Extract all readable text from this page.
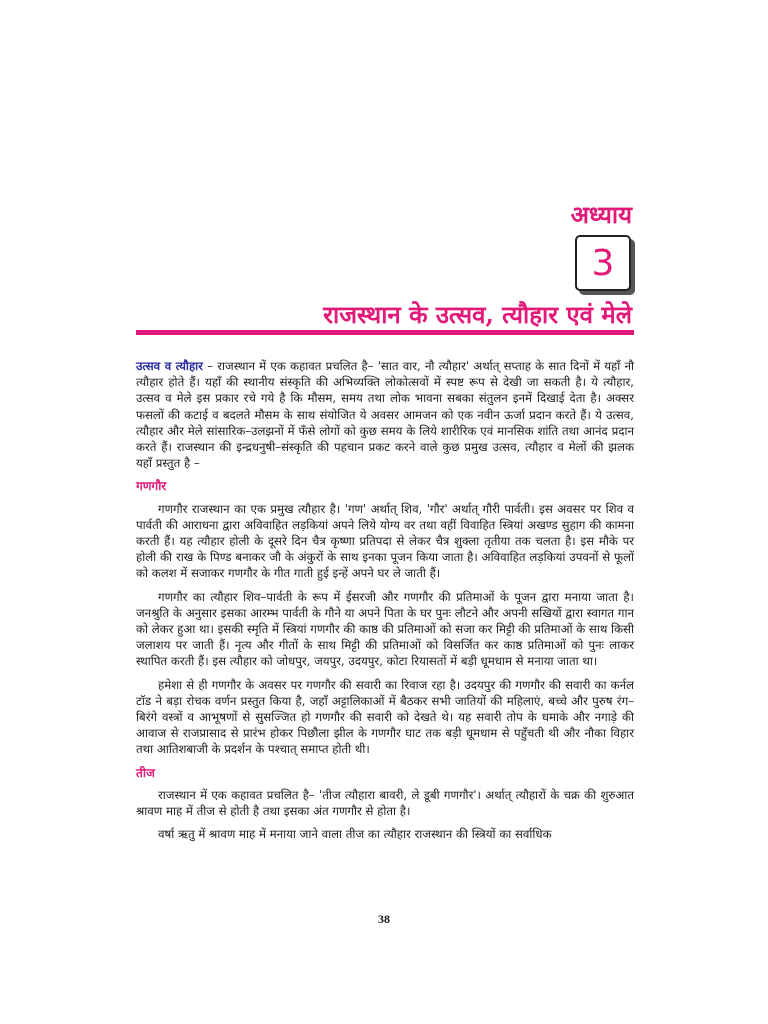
अध्याय
3
राजस्थान के उत्सव, त्यौहार एवं मेले

उत्सव व त्यौहार – राजस्थान में एक कहावत प्रचलित है– 'सात वार, नौ त्यौहार' अर्थात् सप्ताह के सात दिनों में यहाँ नौ त्यौहार होते हैं। यहाँ की स्थानीय संस्कृति की अभिव्यक्ति लोकोत्सवों में स्पष्ट रूप से देखी जा सकती है। ये त्यौहार, उत्सव व मेले इस प्रकार रचे गये है कि मौसम, समय तथा लोक भावना सबका संतुलन इनमें दिखाई देता है। अक्सर फसलों की कटाई व बदलते मौसम के साथ संयोजित ये अवसर आमजन को एक नवीन ऊर्जा प्रदान करते हैं। ये उत्सव, त्यौहार और मेले सांसारिक–उलझनों में फँसे लोगों को कुछ समय के लिये शारीरिक एवं मानसिक शांति तथा आनंद प्रदान करते हैं। राजस्थान की इन्द्रधनुषी–संस्कृति की पहचान प्रकट करने वाले कुछ प्रमुख उत्सव, त्यौहार व मेलों की झलक यहाँ प्रस्तुत है –

गणगौर

गणगौर राजस्थान का एक प्रमुख त्यौहार है। 'गण' अर्थात् शिव, 'गौर' अर्थात् गौरी पार्वती। इस अवसर पर शिव व पार्वती की आराधना द्वारा अविवाहित लड़कियां अपने लिये योग्य वर तथा वहीं विवाहित स्त्रियां अखण्ड सुहाग की कामना करती हैं। यह त्यौहार होली के दूसरे दिन चैत्र कृष्णा प्रतिपदा से लेकर चैत्र शुक्ला तृतीया तक चलता है। इस मौके पर होली की राख के पिण्ड बनाकर जौ के अंकुरों के साथ इनका पूजन किया जाता है। अविवाहित लड़कियां उपवनों से फूलों को कलश में सजाकर गणगौर के गीत गाती हुई इन्हें अपने घर ले जाती हैं।

गणगौर का त्यौहार शिव–पार्वती के रूप में ईसरजी और गणगौर की प्रतिमाओं के पूजन द्वारा मनाया जाता है। जनश्रुति के अनुसार इसका आरम्भ पार्वती के गौने या अपने पिता के घर पुनः लौटने और अपनी सखियों द्वारा स्वागत गान को लेकर हुआ था। इसकी स्मृति में स्त्रियां गणगौर की काष्ठ की प्रतिमाओं को सजा कर मिट्टी की प्रतिमाओं के साथ किसी जलाशय पर जाती हैं। नृत्य और गीतों के साथ मिट्टी की प्रतिमाओं को विसर्जित कर काष्ठ प्रतिमाओं को पुनः लाकर स्थापित करती हैं। इस त्यौहार को जोधपुर, जयपुर, उदयपुर, कोटा रियासतों में बड़ी धूमधाम से मनाया जाता था।

हमेशा से ही गणगौर के अवसर पर गणगौर की सवारी का रिवाज रहा है। उदयपुर की गणगौर की सवारी का कर्नल टॉड ने बड़ा रोचक वर्णन प्रस्तुत किया है, जहाँ अट्टालिकाओं में बैठकर सभी जातियों की महिलाएं, बच्चे और पुरुष रंग–बिरंगे वस्त्रों व आभूषणों से सुसज्जित हो गणगौर की सवारी को देखते थे। यह सवारी तोप के धमाके और नगाड़े की आवाज से राजप्रासाद से प्रारंभ होकर पिछौला झील के गणगौर घाट तक बड़ी धूमधाम से पहुँचती थी और नौका विहार तथा आतिशबाजी के प्रदर्शन के पश्चात् समाप्त होती थी।

तीज

राजस्थान में एक कहावत प्रचलित है– 'तीज त्यौहारा बावरी, ले डूबी गणगौर'। अर्थात् त्यौहारों के चक्र की शुरुआत श्रावण माह में तीज से होती है तथा इसका अंत गणगौर से होता है।

वर्षा ऋतु में श्रावण माह में मनाया जाने वाला तीज का त्यौहार राजस्थान की स्त्रियों का सर्वाधिक

38
